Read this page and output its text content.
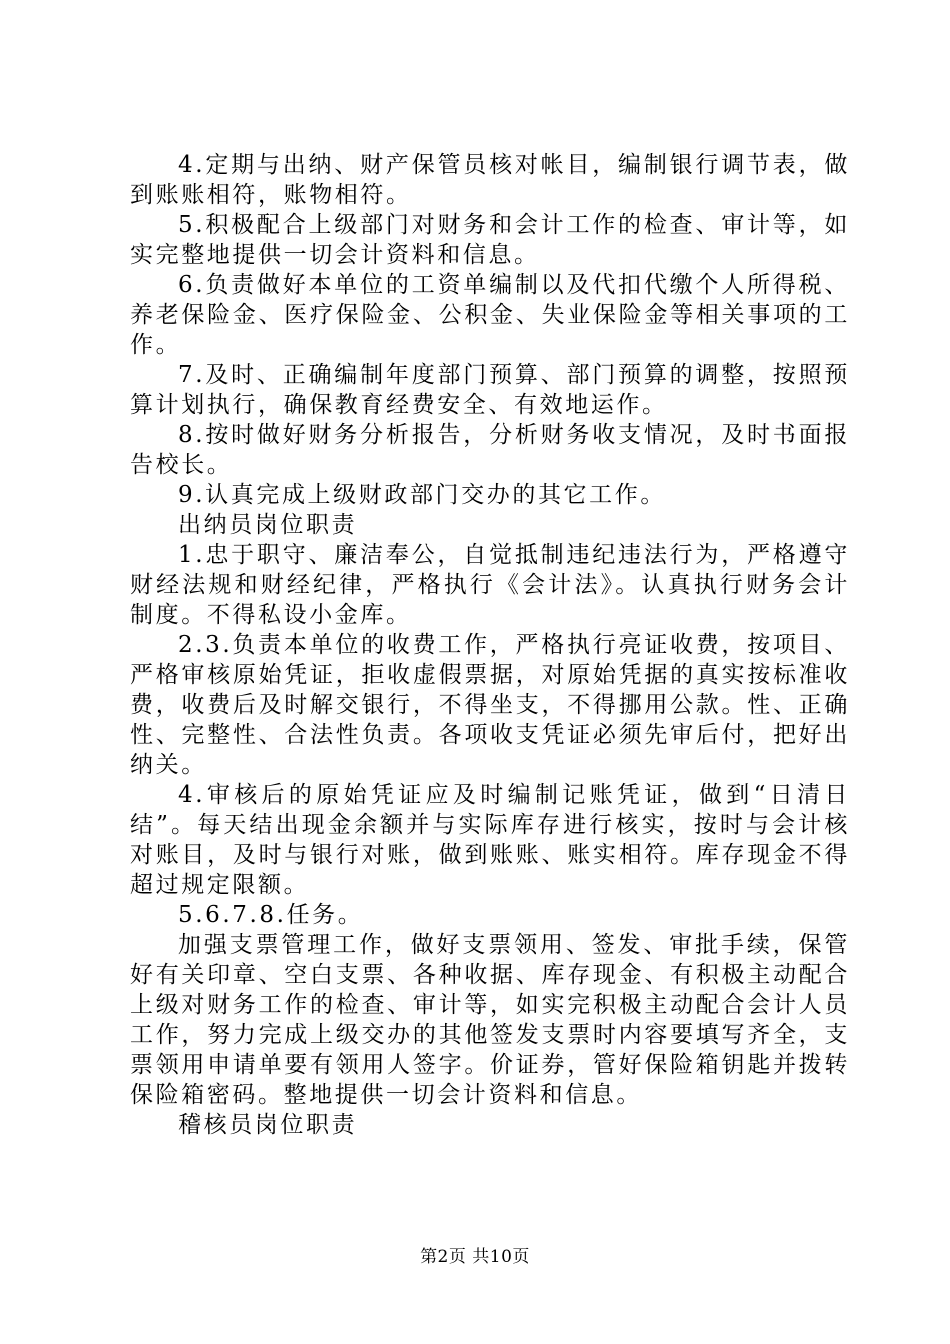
4.定期与出纳、财产保管员核对帐目，编制银行调节表，做到账账相符，账物相符。

5.积极配合上级部门对财务和会计工作的检查、审计等，如实完整地提供一切会计资料和信息。

6.负责做好本单位的工资单编制以及代扣代缴个人所得税、养老保险金、医疗保险金、公积金、失业保险金等相关事项的工作。

7.及时、正确编制年度部门预算、部门预算的调整，按照预算计划执行，确保教育经费安全、有效地运作。

8.按时做好财务分析报告，分析财务收支情况，及时书面报告校长。

9.认真完成上级财政部门交办的其它工作。

出纳员岗位职责

1.忠于职守、廉洁奉公，自觉抵制违纪违法行为，严格遵守财经法规和财经纪律，严格执行《会计法》。认真执行财务会计制度。不得私设小金库。

2.3.负责本单位的收费工作，严格执行亮证收费，按项目、严格审核原始凭证，拒收虚假票据，对原始凭据的真实按标准收费，收费后及时解交银行，不得坐支，不得挪用公款。性、正确性、完整性、合法性负责。各项收支凭证必须先审后付，把好出纳关。

4.审核后的原始凭证应及时编制记账凭证，做到“日清日结”。每天结出现金余额并与实际库存进行核实，按时与会计核对账目，及时与银行对账，做到账账、账实相符。库存现金不得超过规定限额。

5.6.7.8.任务。

加强支票管理工作，做好支票领用、签发、审批手续，保管好有关印章、空白支票、各种收据、库存现金、有积极主动配合上级对财务工作的检查、审计等，如实完积极主动配合会计人员工作，努力完成上级交办的其他签发支票时内容要填写齐全，支票领用申请单要有领用人签字。价证券，管好保险箱钥匙并拨转保险箱密码。整地提供一切会计资料和信息。

稽核员岗位职责

第2页 共10页
